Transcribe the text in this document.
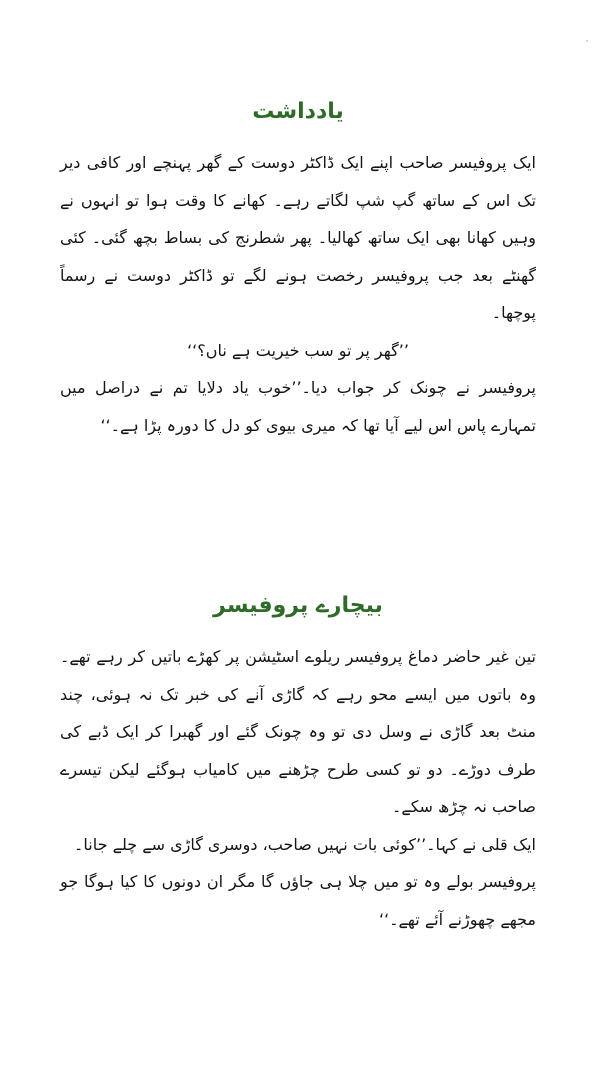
یادداشت

ایک پروفیسر صاحب اپنے ایک ڈاکٹر دوست کے گھر پہنچے اور کافی دیر تک اس کے ساتھ گپ شپ لگاتے رہے۔ کھانے کا وقت ہوا تو انہوں نے وہیں کھانا بھی ایک ساتھ کھالیا۔ پھر شطرنج کی بساط بچھ گئی۔ کئی گھنٹے بعد جب پروفیسر رخصت ہونے لگے تو ڈاکٹر دوست نے رسماً پوچھا۔

’’گھر پر تو سب خیریت ہے ناں؟‘‘

پروفیسر نے چونک کر جواب دیا۔’’خوب یاد دلایا تم نے دراصل میں تمہارے پاس اس لیے آیا تھا کہ میری بیوی کو دل کا دورہ پڑا ہے۔‘‘

بیچارے پروفیسر

تین غیر حاضر دماغ پروفیسر ریلوے اسٹیشن پر کھڑے باتیں کر رہے تھے۔ وہ باتوں میں ایسے محو رہے کہ گاڑی آنے کی خبر تک نہ ہوئی، چند منٹ بعد گاڑی نے وسل دی تو وہ چونک گئے اور گھبرا کر ایک ڈبے کی طرف دوڑے۔ دو تو کسی طرح چڑھنے میں کامیاب ہوگئے لیکن تیسرے صاحب نہ چڑھ سکے۔

ایک قلی نے کہا۔’’کوئی بات نہیں صاحب، دوسری گاڑی سے چلے جانا۔

پروفیسر بولے وہ تو میں چلا ہی جاؤں گا مگر ان دونوں کا کیا ہوگا جو مجھے چھوڑنے آئے تھے۔‘‘
